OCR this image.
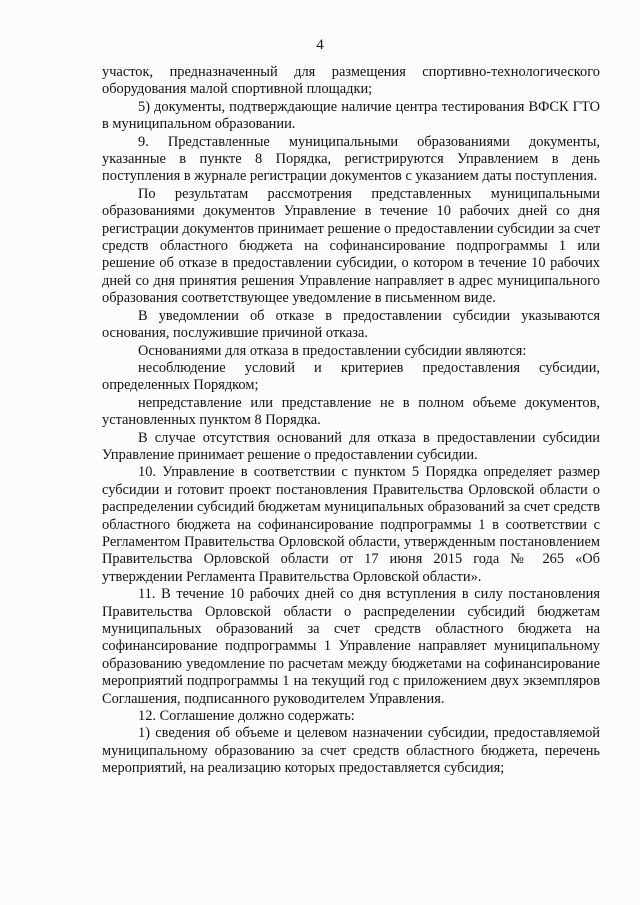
4

участок, предназначенный для размещения спортивно-технологического оборудования малой спортивной площадки;

5) документы, подтверждающие наличие центра тестирования ВФСК ГТО в муниципальном образовании.

9. Представленные муниципальными образованиями документы, указанные в пункте 8 Порядка, регистрируются Управлением в день поступления в журнале регистрации документов с указанием даты поступления.

По результатам рассмотрения представленных муниципальными образованиями документов Управление в течение 10 рабочих дней со дня регистрации документов принимает решение о предоставлении субсидии за счет средств областного бюджета на софинансирование подпрограммы 1 или решение об отказе в предоставлении субсидии, о котором в течение 10 рабочих дней со дня принятия решения Управление направляет в адрес муниципального образования соответствующее уведомление в письменном виде.

В уведомлении об отказе в предоставлении субсидии указываются основания, послужившие причиной отказа.

Основаниями для отказа в предоставлении субсидии являются:

несоблюдение условий и критериев предоставления субсидии, определенных Порядком;

непредставление или представление не в полном объеме документов, установленных пунктом 8 Порядка.

В случае отсутствия оснований для отказа в предоставлении субсидии Управление принимает решение о предоставлении субсидии.

10. Управление в соответствии с пунктом 5 Порядка определяет размер субсидии и готовит проект постановления Правительства Орловской области о распределении субсидий бюджетам муниципальных образований за счет средств областного бюджета на софинансирование подпрограммы 1 в соответствии с Регламентом Правительства Орловской области, утвержденным постановлением Правительства Орловской области от 17 июня 2015 года № 265 «Об утверждении Регламента Правительства Орловской области».

11. В течение 10 рабочих дней со дня вступления в силу постановления Правительства Орловской области о распределении субсидий бюджетам муниципальных образований за счет средств областного бюджета на софинансирование подпрограммы 1 Управление направляет муниципальному образованию уведомление по расчетам между бюджетами на софинансирование мероприятий подпрограммы 1 на текущий год с приложением двух экземпляров Соглашения, подписанного руководителем Управления.

12. Соглашение должно содержать:

1) сведения об объеме и целевом назначении субсидии, предоставляемой муниципальному образованию за счет средств областного бюджета, перечень мероприятий, на реализацию которых предоставляется субсидия;
